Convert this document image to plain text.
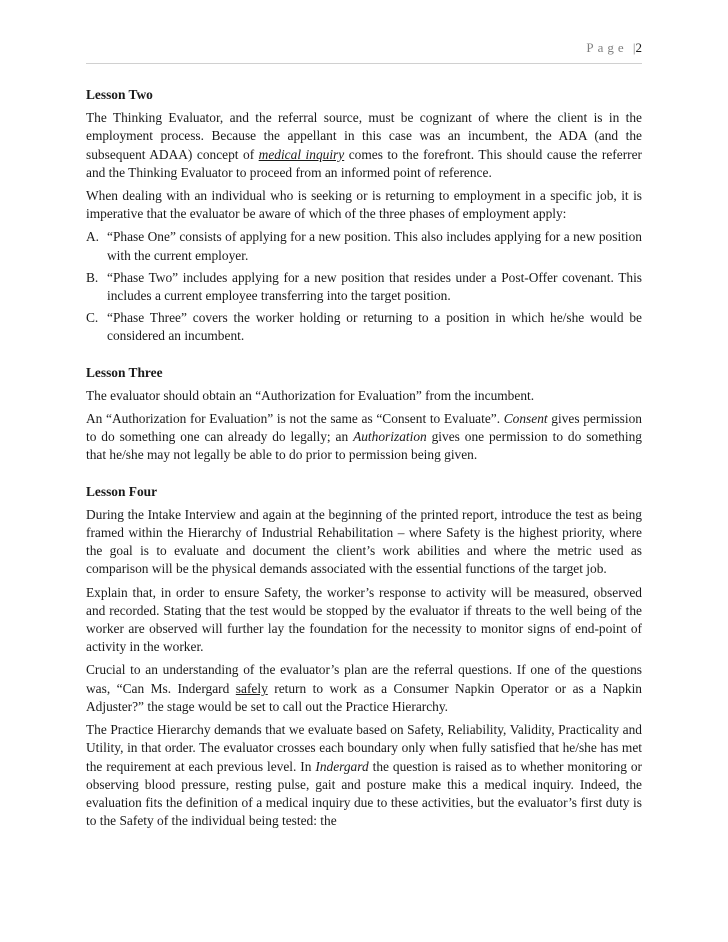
Page |2
Lesson Two

The Thinking Evaluator, and the referral source, must be cognizant of where the client is in the employment process. Because the appellant in this case was an incumbent, the ADA (and the subsequent ADAA) concept of medical inquiry comes to the forefront. This should cause the referrer and the Thinking Evaluator to proceed from an informed point of reference.

When dealing with an individual who is seeking or is returning to employment in a specific job, it is imperative that the evaluator be aware of which of the three phases of employment apply:

A. “Phase One” consists of applying for a new position. This also includes applying for a new position with the current employer.
B. “Phase Two” includes applying for a new position that resides under a Post-Offer covenant. This includes a current employee transferring into the target position.
C. “Phase Three” covers the worker holding or returning to a position in which he/she would be considered an incumbent.
Lesson Three

The evaluator should obtain an “Authorization for Evaluation” from the incumbent.

An “Authorization for Evaluation” is not the same as “Consent to Evaluate”. Consent gives permission to do something one can already do legally; an Authorization gives one permission to do something that he/she may not legally be able to do prior to permission being given.

Lesson Four

During the Intake Interview and again at the beginning of the printed report, introduce the test as being framed within the Hierarchy of Industrial Rehabilitation – where Safety is the highest priority, where the goal is to evaluate and document the client’s work abilities and where the metric used as comparison will be the physical demands associated with the essential functions of the target job.

Explain that, in order to ensure Safety, the worker’s response to activity will be measured, observed and recorded. Stating that the test would be stopped by the evaluator if threats to the well being of the worker are observed will further lay the foundation for the necessity to monitor signs of end-point of activity in the worker.

Crucial to an understanding of the evaluator’s plan are the referral questions. If one of the questions was, “Can Ms. Indergard safely return to work as a Consumer Napkin Operator or as a Napkin Adjuster?” the stage would be set to call out the Practice Hierarchy.

The Practice Hierarchy demands that we evaluate based on Safety, Reliability, Validity, Practicality and Utility, in that order. The evaluator crosses each boundary only when fully satisfied that he/she has met the requirement at each previous level. In Indergard the question is raised as to whether monitoring or observing blood pressure, resting pulse, gait and posture make this a medical inquiry. Indeed, the evaluation fits the definition of a medical inquiry due to these activities, but the evaluator’s first duty is to the Safety of the individual being tested: the
